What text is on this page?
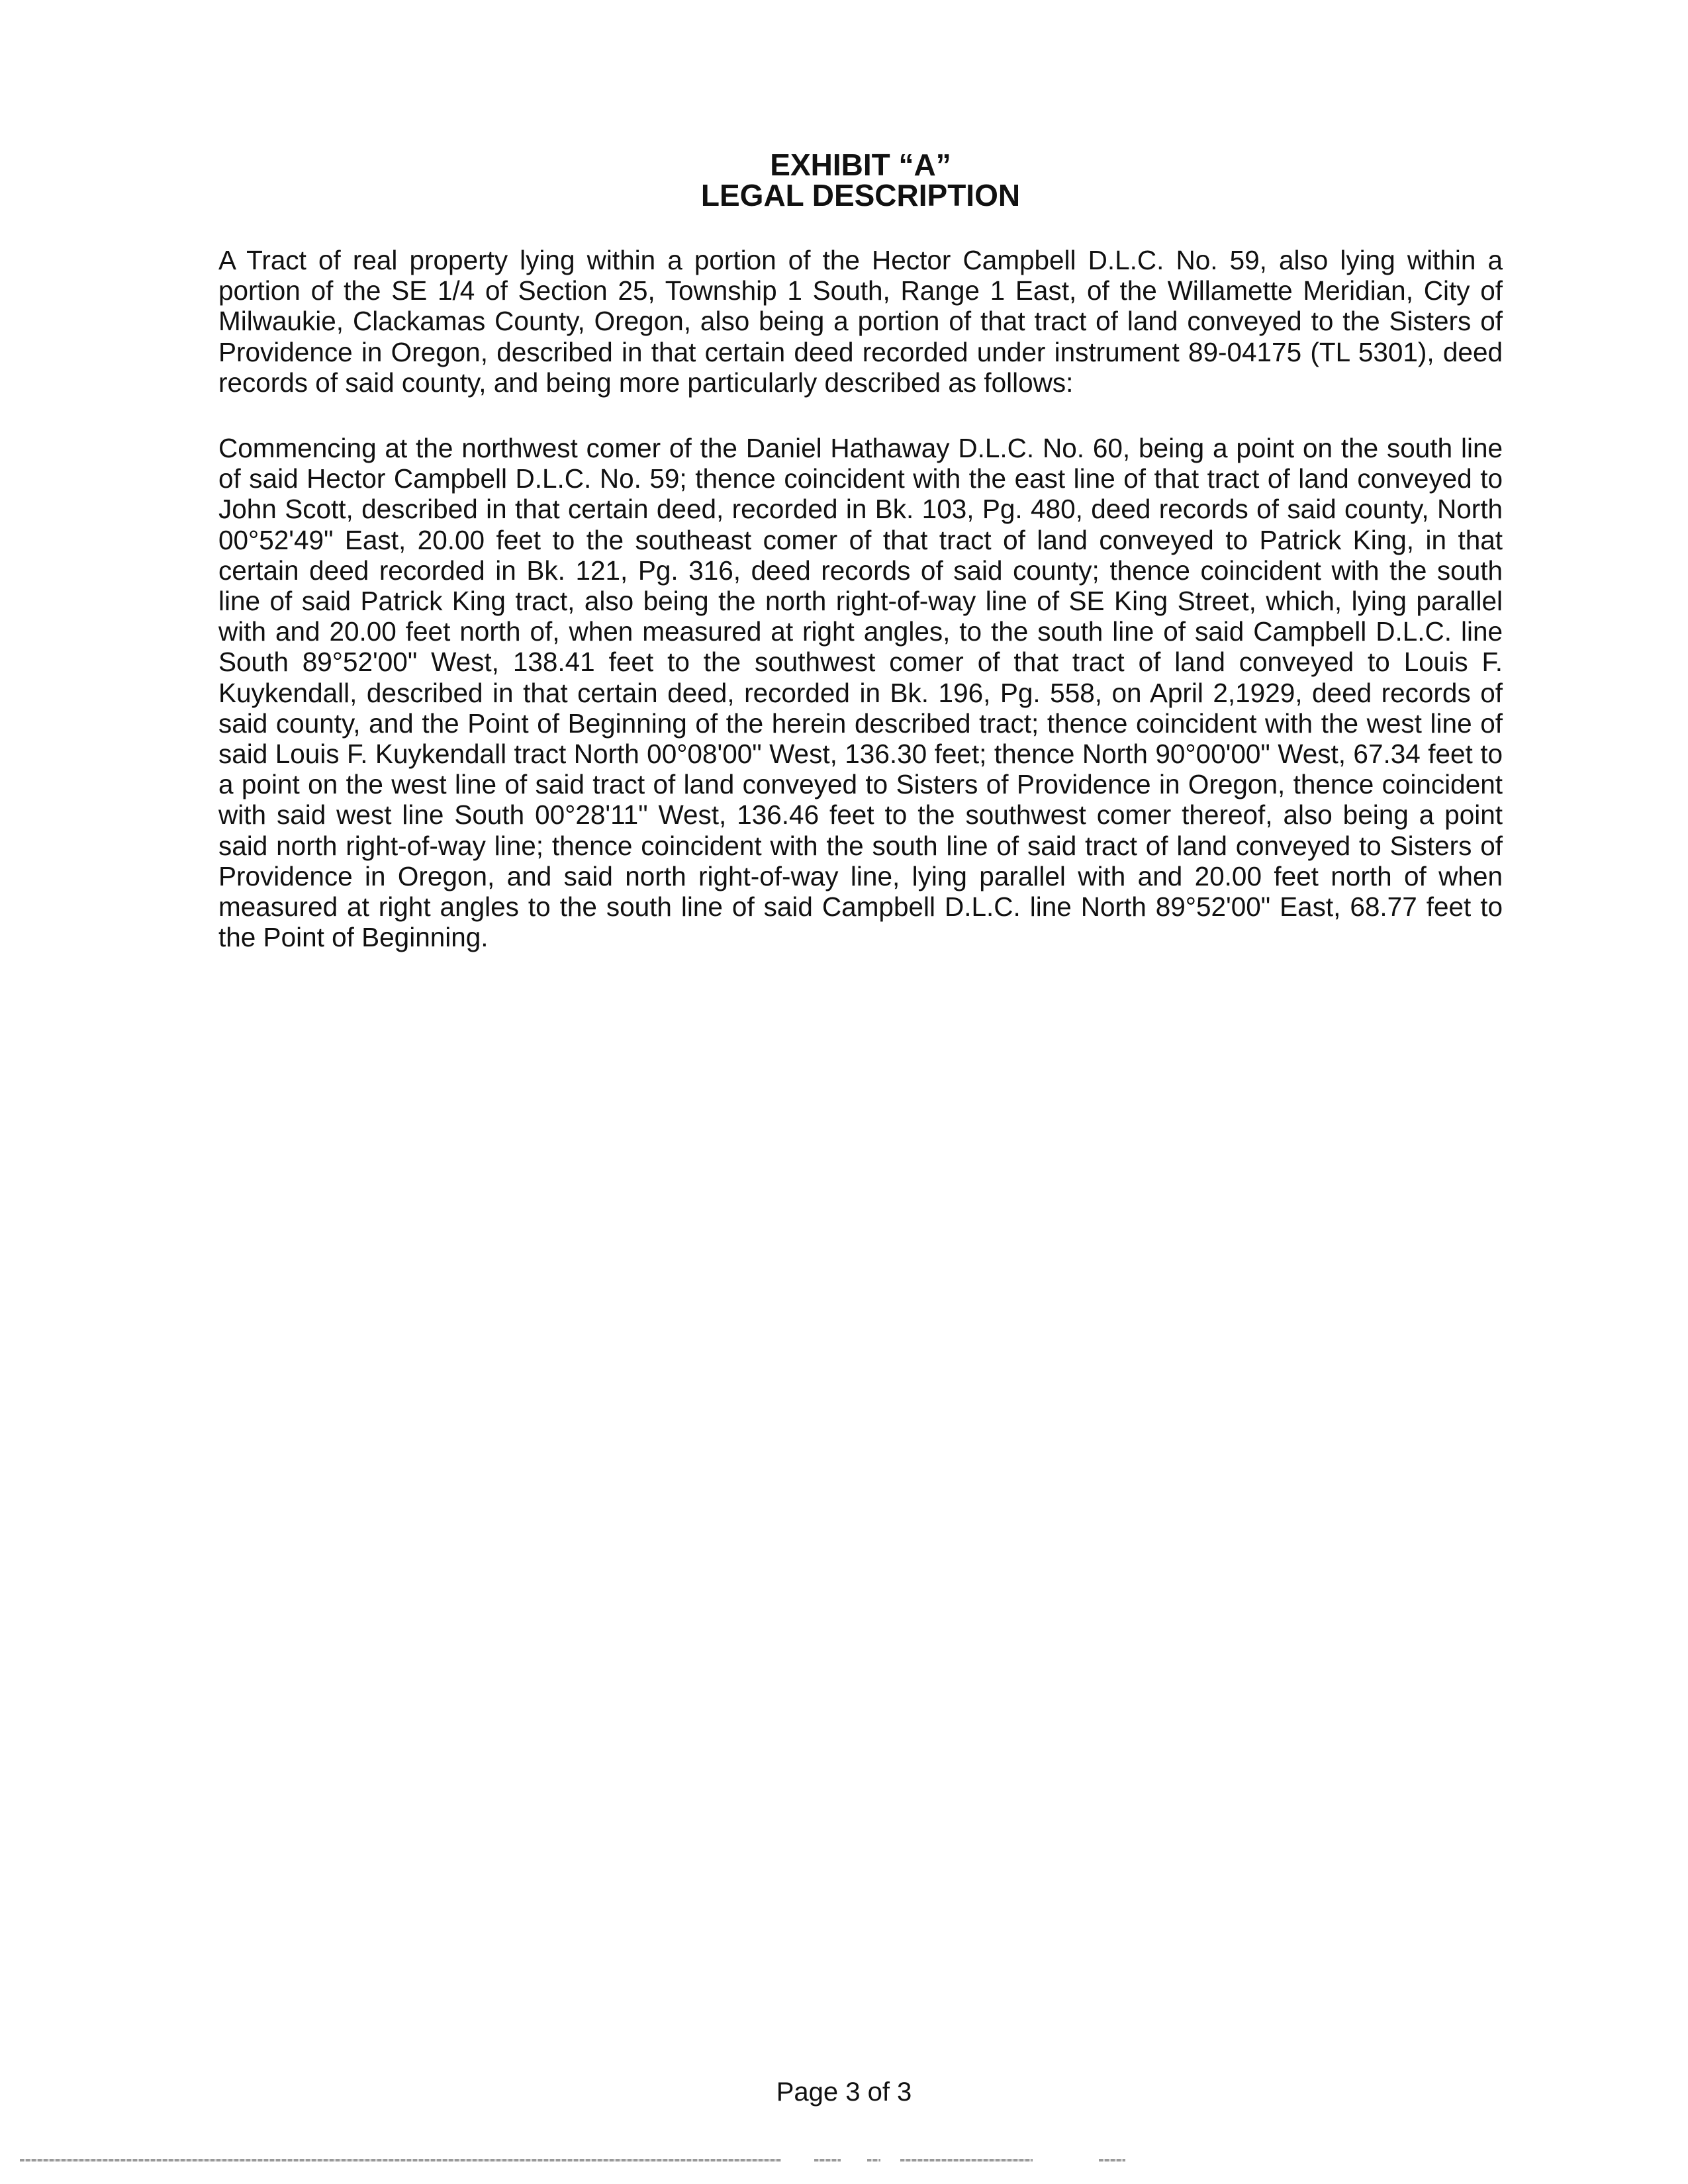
EXHIBIT “A”
LEGAL DESCRIPTION

A Tract of real property lying within a portion of the Hector Campbell D.L.C. No. 59, also lying within a portion of the SE 1/4 of Section 25, Township 1 South, Range 1 East, of the Willamette Meridian, City of Milwaukie, Clackamas County, Oregon, also being a portion of that tract of land conveyed to the Sisters of Providence in Oregon, described in that certain deed recorded under instrument 89-04175 (TL 5301), deed records of said county, and being more particularly described as follows:

Commencing at the northwest comer of the Daniel Hathaway D.L.C. No. 60, being a point on the south line of said Hector Campbell D.L.C. No. 59; thence coincident with the east line of that tract of land conveyed to John Scott, described in that certain deed, recorded in Bk. 103, Pg. 480, deed records of said county, North 00°52'49" East, 20.00 feet to the southeast comer of that tract of land conveyed to Patrick King, in that certain deed recorded in Bk. 121, Pg. 316, deed records of said county; thence coincident with the south line of said Patrick King tract, also being the north right-of-way line of SE King Street, which, lying parallel with and 20.00 feet north of, when measured at right angles, to the south line of said Campbell D.L.C. line South 89°52'00" West, 138.41 feet to the southwest comer of that tract of land conveyed to Louis F. Kuykendall, described in that certain deed, recorded in Bk. 196, Pg. 558, on April 2,1929, deed records of said county, and the Point of Beginning of the herein described tract; thence coincident with the west line of said Louis F. Kuykendall tract North 00°08'00" West, 136.30 feet; thence North 90°00'00" West, 67.34 feet to a point on the west line of said tract of land conveyed to Sisters of Providence in Oregon, thence coincident with said west line South 00°28'11" West, 136.46 feet to the southwest comer thereof, also being a point said north right-of-way line; thence coincident with the south line of said tract of land conveyed to Sisters of Providence in Oregon, and said north right-of-way line, lying parallel with and 20.00 feet north of when measured at right angles to the south line of said Campbell D.L.C. line North 89°52'00" East, 68.77 feet to the Point of Beginning.

Page 3 of 3
